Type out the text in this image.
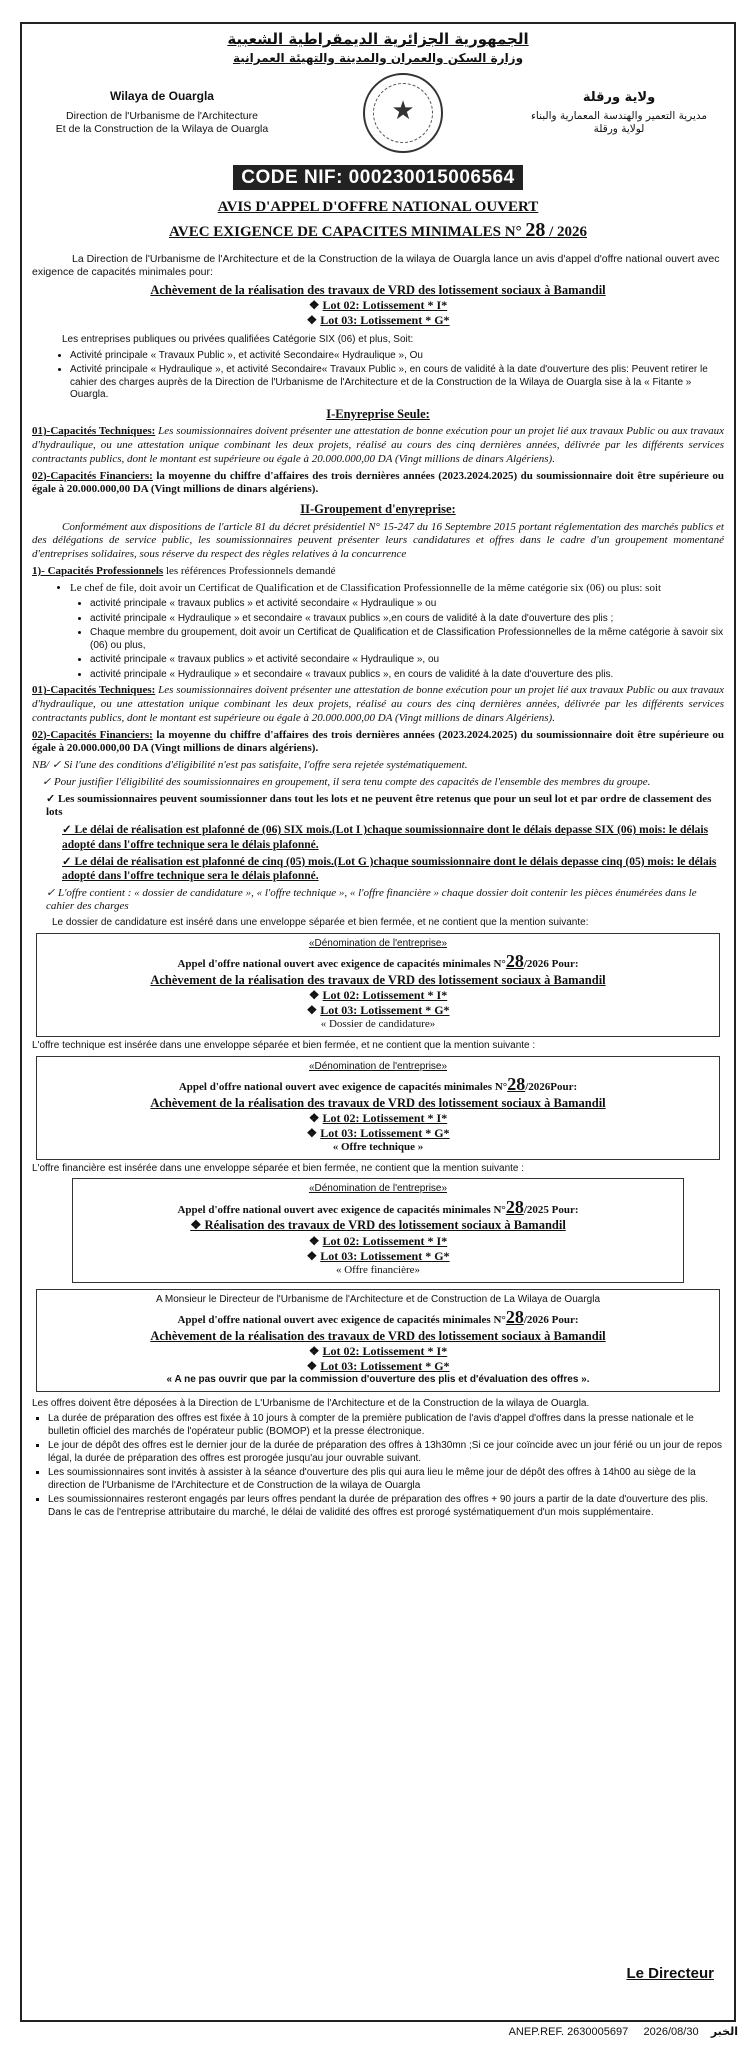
الجمهورية الجزائرية الديمقراطية الشعبية
وزارة السكن والعمران والمدينة والتهيئة العمرانية
Wilaya de Ouargla
Direction de l'Urbanisme de l'Architecture
Et de la Construction de la Wilaya de Ouargla
★
ولاية ورقلة
مديرية التعمير والهندسة المعمارية والبناء
لولاية ورقلة
CODE NIF: 000230015006564
AVIS D'APPEL D'OFFRE NATIONAL OUVERT
AVEC EXIGENCE DE CAPACITES MINIMALES N° 28 / 2026

La Direction de l'Urbanisme de l'Architecture et de la Construction de la wilaya de Ouargla lance un avis d'appel d'offre national ouvert avec exigence de capacités minimales pour:

Achèvement de la réalisation des travaux de VRD des lotissement sociaux à Bamandil
❖ Lot 02: Lotissement * I*
❖ Lot 03: Lotissement * G*

Les entreprises publiques ou privées qualifiées Catégorie SIX (06) et plus, Soit:

• Activité principale « Travaux Public », et activité Secondaire« Hydraulique », Ou
• Activité principale « Hydraulique », et activité Secondaire« Travaux Public », en cours de validité à la date d'ouverture des plis: Peuvent retirer le cahier des charges auprès de la Direction de l'Urbanisme de l'Architecture et de la Construction de la Wilaya de Ouargla sise à la « Fitante » Ouargla.
I-Enyreprise Seule:

01)-Capacités Techniques: Les soumissionnaires doivent présenter une attestation de bonne exécution pour un projet lié aux travaux Public ou aux travaux d'hydraulique, ou une attestation unique combinant les deux projets, réalisé au cours des cinq dernières années, délivrée par les différents services contractants publics, dont le montant est supérieure ou égale à 20.000.000,00 DA (Vingt millions de dinars Algériens).

02)-Capacités Financiers: la moyenne du chiffre d'affaires des trois dernières années (2023.2024.2025) du soumissionnaire doit être supérieure ou égale à 20.000.000,00 DA (Vingt millions de dinars algériens).

II-Groupement d'enyreprise:

Conformément aux dispositions de l'article 81 du décret présidentiel N° 15-247 du 16 Septembre 2015 portant réglementation des marchés publics et des délégations de service public, les soumissionnaires peuvent présenter leurs candidatures et offres dans le cadre d'un groupement momentané d'entreprises solidaires, sous réserve du respect des règles relatives à la concurrence

1)- Capacités Professionnels les références Professionnels demandé

• Le chef de file, doit avoir un Certificat de Qualification et de Classification Professionnelle de la même catégorie six (06) ou plus: soit
• activité principale « travaux publics » et activité secondaire « Hydraulique » ou
• activité principale « Hydraulique » et secondaire « travaux publics »,en cours de validité à la date d'ouverture des plis ;
• Chaque membre du groupement, doit avoir un Certificat de Qualification et de Classification Professionnelles de la même catégorie à savoir six (06) ou plus,
• activité principale « travaux publics » et activité secondaire « Hydraulique », ou
• activité principale « Hydraulique » et secondaire « travaux publics », en cours de validité à la date d'ouverture des plis.

01)-Capacités Techniques: Les soumissionnaires doivent présenter une attestation de bonne exécution pour un projet lié aux travaux Public ou aux travaux d'hydraulique, ou une attestation unique combinant les deux projets, réalisé au cours des cinq dernières années, délivrée par les différents services contractants publics, dont le montant est supérieure ou égale à 20.000.000,00 DA (Vingt millions de dinars Algériens).

02)-Capacités Financiers: la moyenne du chiffre d'affaires des trois dernières années (2023.2024.2025) du soumissionnaire doit être supérieure ou égale à 20.000.000,00 DA (Vingt millions de dinars algériens).

NB/ ✓ Si l'une des conditions d'éligibilité n'est pas satisfaite, l'offre sera rejetée systématiquement.

✓ Pour justifier l'éligibilité des soumissionnaires en groupement, il sera tenu compte des capacités de l'ensemble des membres du groupe.

✓ Les soumissionnaires peuvent soumissionner dans tout les lots et ne peuvent être retenus que pour un seul lot et par ordre de classement des lots

✓ Le délai de réalisation est plafonné de (06) SIX mois.(Lot I )chaque soumissionnaire dont le délais depasse SIX (06) mois: le délais adopté dans l'offre technique sera le délais plafonné.

✓ Le délai de réalisation est plafonné de cinq (05) mois.(Lot G )chaque soumissionnaire dont le délais depasse cinq (05) mois: le délais adopté dans l'offre technique sera le délais plafonné.

✓ L'offre contient : « dossier de candidature », « l'offre technique », « l'offre financière » chaque dossier doit contenir les pièces énumérées dans le cahier des charges

Le dossier de candidature est inséré dans une enveloppe séparée et bien fermée, et ne contient que la mention suivante:

«Dénomination de l'entreprise»
Appel d'offre national ouvert avec exigence de capacités minimales N°28/2026 Pour:
Achèvement de la réalisation des travaux de VRD des lotissement sociaux à Bamandil
❖ Lot 02: Lotissement * I*
❖ Lot 03: Lotissement * G*
« Dossier de candidature»

L'offre technique est insérée dans une enveloppe séparée et bien fermée, et ne contient que la mention suivante :

«Dénomination de l'entreprise»
Appel d'offre national ouvert avec exigence de capacités minimales N°28/2026Pour:
Achèvement de la réalisation des travaux de VRD des lotissement sociaux à Bamandil
❖ Lot 02: Lotissement * I*
❖ Lot 03: Lotissement * G*
« Offre technique »

L'offre financière est insérée dans une enveloppe séparée et bien fermée, ne contient que la mention suivante :

«Dénomination de l'entreprise»
Appel d'offre national ouvert avec exigence de capacités minimales N°28/2025 Pour:
❖ Réalisation des travaux de VRD des lotissement sociaux à Bamandil
❖ Lot 02: Lotissement * I*
❖ Lot 03: Lotissement * G*
« Offre financière»
A Monsieur le Directeur de l'Urbanisme de l'Architecture et de Construction de La Wilaya de Ouargla
Appel d'offre national ouvert avec exigence de capacités minimales N°28/2026 Pour:
Achèvement de la réalisation des travaux de VRD des lotissement sociaux à Bamandil
❖ Lot 02: Lotissement * I*
❖ Lot 03: Lotissement * G*
« A ne pas ouvrir que par la commission d'ouverture des plis et d'évaluation des offres ».

Les offres doivent être déposées à la Direction de L'Urbanisme de l'Architecture et de la Construction de la wilaya de Ouargla.

▪ La durée de préparation des offres est fixée à 10 jours à compter de la première publication de l'avis d'appel d'offres dans la presse nationale et le bulletin officiel des marchés de l'opérateur public (BOMOP) et la presse électronique.
▪ Le jour de dépôt des offres est le dernier jour de la durée de préparation des offres à 13h30mn ;Si ce jour coïncide avec un jour férié ou un jour de repos légal, la durée de préparation des offres est prorogée jusqu'au jour ouvrable suivant.
▪ Les soumissionnaires sont invités à assister à la séance d'ouverture des plis qui aura lieu le même jour de dépôt des offres à 14h00 au siège de la direction de l'Urbanisme de l'Architecture et de Construction de la wilaya de Ouargla
▪ Les soumissionnaires resteront engagés par leurs offres pendant la durée de préparation des offres + 90 jours a partir de la date d'ouverture des plis. Dans le cas de l'entreprise attributaire du marché, le délai de validité des offres est prorogé systématiquement d'un mois supplémentaire.
Le Directeur
ANEP.REF. 2630005697 2026/08/30 الخبر
